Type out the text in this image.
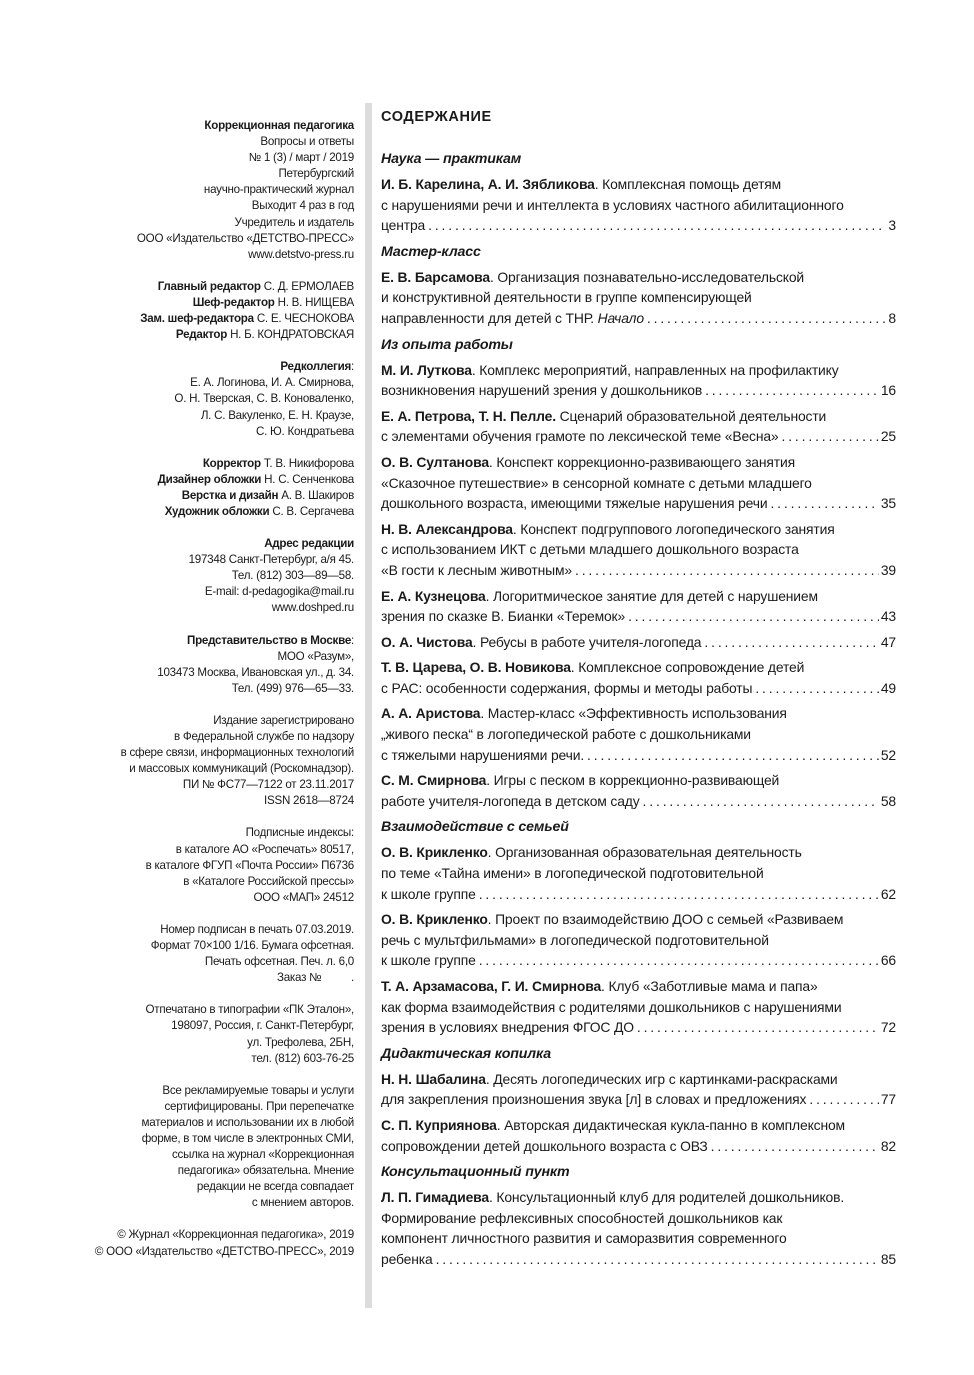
Коррекционная педагогика
Вопросы и ответы
№ 1 (3) / март / 2019
Петербургский
научно-практический журнал
Выходит 4 раз в год
Учредитель и издатель
ООО «Издательство «ДЕТСТВО-ПРЕСС»
www.detstvo-press.ru
Главный редактор С. Д. ЕРМОЛАЕВ
Шеф-редактор Н. В. НИЩЕВА
Зам. шеф-редактора С. Е. ЧЕСНОКОВА
Редактор Н. Б. КОНДРАТОВСКАЯ
Редколлегия:
Е. А. Логинова, И. А. Смирнова,
О. Н. Тверская, С. В. Коноваленко,
Л. С. Вакуленко, Е. Н. Краузе,
С. Ю. Кондратьева
Корректор Т. В. Никифорова
Дизайнер обложки Н. С. Сенченкова
Верстка и дизайн А. В. Шакиров
Художник обложки С. В. Сергачева
Адрес редакции
197348 Санкт-Петербург, а/я 45.
Тел. (812) 303—89—58.
E-mail: d-pedagogika@mail.ru
www.doshped.ru
Представительство в Москве:
МОО «Разум»,
103473 Москва, Ивановская ул., д. 34.
Тел. (499) 976—65—33.
Издание зарегистрировано
в Федеральной службе по надзору
в сфере связи, информационных технологий
и массовых коммуникаций (Роскомнадзор).
ПИ № ФС77—7122 от 23.11.2017
ISSN 2618—8724
Подписные индексы:
в каталоге АО «Роспечать» 80517,
в каталоге ФГУП «Почта России» П6736
в «Каталоге Российской прессы»
ООО «МАП» 24512
Номер подписан в печать 07.03.2019.
Формат 70×100 1/16. Бумага офсетная.
Печать офсетная. Печ. л. 6,0
Заказ №          .
Отпечатано в типографии «ПК Эталон»,
198097, Россия, г. Санкт-Петербург,
ул. Трефолева, 2БН,
тел. (812) 603-76-25
Все рекламируемые товары и услуги
сертифицированы. При перепечатке
материалов и использовании их в любой
форме, в том числе в электронных СМИ,
ссылка на журнал «Коррекционная
педагогика» обязательна. Мнение
редакции не всегда совпадает
с мнением авторов.
© Журнал «Коррекционная педагогика», 2019
© ООО «Издательство «ДЕТСТВО-ПРЕСС», 2019
СОДЕРЖАНИЕ
Наука — практикам
И. Б. Карелина, А. И. Зябликова. Комплексная помощь детям
с нарушениями речи и интеллекта в условиях частного абилитационного
центра . . .	3
Мастер-класс
Е. В. Барсамова. Организация познавательно-исследовательской
и конструктивной деятельности в группе компенсирующей
направленности для детей с ТНР. Начало . . .	8
Из опыта работы
М. И. Луткова. Комплекс мероприятий, направленных на профилактику
возникновения нарушений зрения у дошкольников . . .	16
Е. А. Петрова, Т. Н. Пелле. Сценарий образовательной деятельности
с элементами обучения грамоте по лексической теме «Весна» . . .	25
О. В. Султанова. Конспект коррекционно-развивающего занятия
«Сказочное путешествие» в сенсорной комнате с детьми младшего
дошкольного возраста, имеющими тяжелые нарушения речи . . .	35
Н. В. Александрова. Конспект подгруппового логопедического занятия
с использованием ИКТ с детьми младшего дошкольного возраста
«В гости к лесным животным» . . .	39
Е. А. Кузнецова. Логоритмическое занятие для детей с нарушением
зрения по сказке В. Бианки «Теремок» . . .	43
О. А. Чистова. Ребусы в работе учителя-логопеда . . .	47
Т. В. Царева, О. В. Новикова. Комплексное сопровождение детей
с РАС: особенности содержания, формы и методы работы . . .	49
А. А. Аристова. Мастер-класс «Эффективность использования
„живого песка“ в логопедической работе с дошкольниками
с тяжелыми нарушениями речи. . . .	52
С. М. Смирнова. Игры с песком в коррекционно-развивающей
работе учителя-логопеда в детском саду . . .	58
Взаимодействие с семьей
О. В. Крикленко. Организованная образовательная деятельность
по теме «Тайна имени» в логопедической подготовительной
к школе группе . . .	62
О. В. Крикленко. Проект по взаимодействию ДОО с семьей «Развиваем
речь с мультфильмами» в логопедической подготовительной
к школе группе . . .	66
Т. А. Арзамасова, Г. И. Смирнова. Клуб «Заботливые мама и папа»
как форма взаимодействия с родителями дошкольников с нарушениями
зрения в условиях внедрения ФГОС ДО . . .	72
Дидактическая копилка
Н. Н. Шабалина. Десять логопедических игр с картинками-раскрасками
для закрепления произношения звука [л] в словах и предложениях . . .	77
С. П. Куприянова. Авторская дидактическая кукла-панно в комплексном
сопровождении детей дошкольного возраста с ОВЗ . . .	82
Консультационный пункт
Л. П. Гимадиева. Консультационный клуб для родителей дошкольников.
Формирование рефлексивных способностей дошкольников как
компонент личностного развития и саморазвития современного
ребенка . . .	85
